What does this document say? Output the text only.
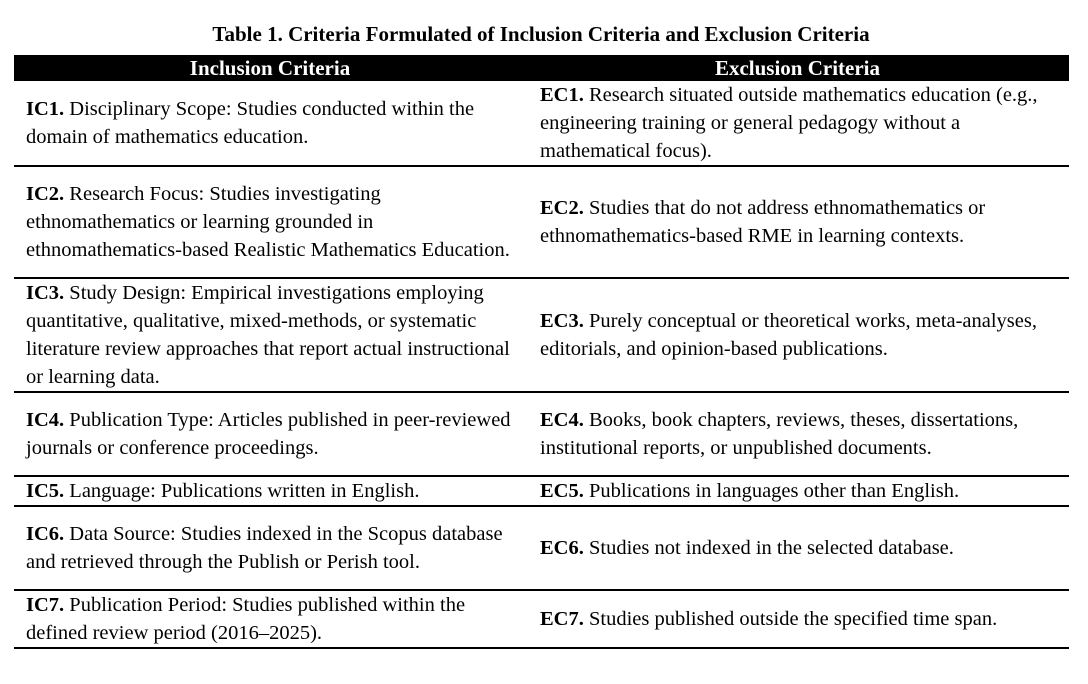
Table 1. Criteria Formulated of Inclusion Criteria and Exclusion Criteria
Inclusion Criteria	Exclusion Criteria
IC1. Disciplinary Scope: Studies conducted within the domain of mathematics education.	EC1. Research situated outside mathematics education (e.g., engineering training or general pedagogy without a mathematical focus).
IC2. Research Focus: Studies investigating ethnomathematics or learning grounded in ethnomathematics-based Realistic Mathematics Education.	EC2. Studies that do not address ethnomathematics or ethnomathematics-based RME in learning contexts.
IC3. Study Design: Empirical investigations employing quantitative, qualitative, mixed-methods, or systematic literature review approaches that report actual instructional or learning data.	EC3. Purely conceptual or theoretical works, meta-analyses, editorials, and opinion-based publications.
IC4. Publication Type: Articles published in peer-reviewed journals or conference proceedings.	EC4. Books, book chapters, reviews, theses, dissertations, institutional reports, or unpublished documents.
IC5. Language: Publications written in English.	EC5. Publications in languages other than English.
IC6. Data Source: Studies indexed in the Scopus database and retrieved through the Publish or Perish tool.	EC6. Studies not indexed in the selected database.
IC7. Publication Period: Studies published within the defined review period (2016–2025).	EC7. Studies published outside the specified time span.
